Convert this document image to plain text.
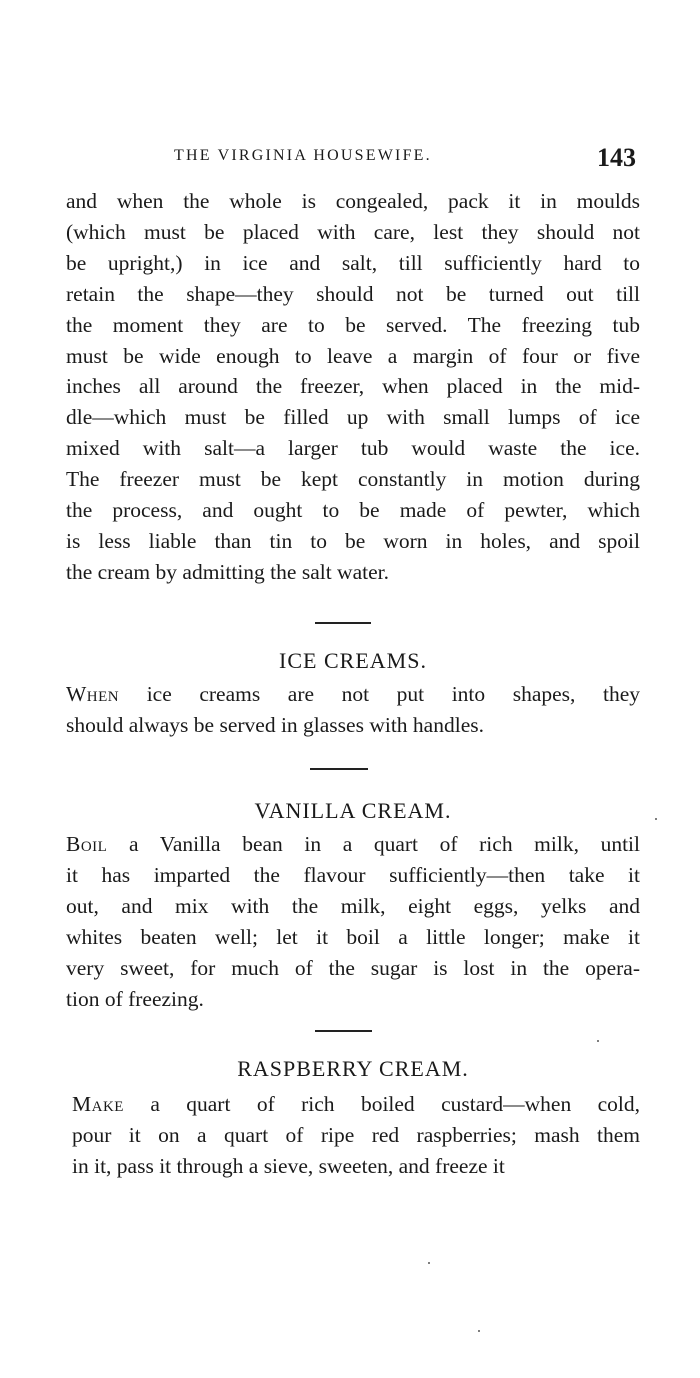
THE VIRGINIA HOUSEWIFE.	143
and when the whole is congealed, pack it in moulds
(which must be placed with care, lest they should not
be upright,) in ice and salt, till sufficiently hard to
retain the shape—they should not be turned out till
the moment they are to be served. The freezing tub
must be wide enough to leave a margin of four or five
inches all around the freezer, when placed in the mid-
dle—which must be filled up with small lumps of ice
mixed with salt—a larger tub would waste the ice.
The freezer must be kept constantly in motion during
the process, and ought to be made of pewter, which
is less liable than tin to be worn in holes, and spoil
the cream by admitting the salt water.
ICE CREAMS.
When ice creams are not put into shapes, they
should always be served in glasses with handles.
VANILLA CREAM.
Boil a Vanilla bean in a quart of rich milk, until
it has imparted the flavour sufficiently—then take it
out, and mix with the milk, eight eggs, yelks and
whites beaten well; let it boil a little longer; make it
very sweet, for much of the sugar is lost in the opera-
tion of freezing.
RASPBERRY CREAM.
Make a quart of rich boiled custard—when cold,
pour it on a quart of ripe red raspberries; mash them
in it, pass it through a sieve, sweeten, and freeze it
